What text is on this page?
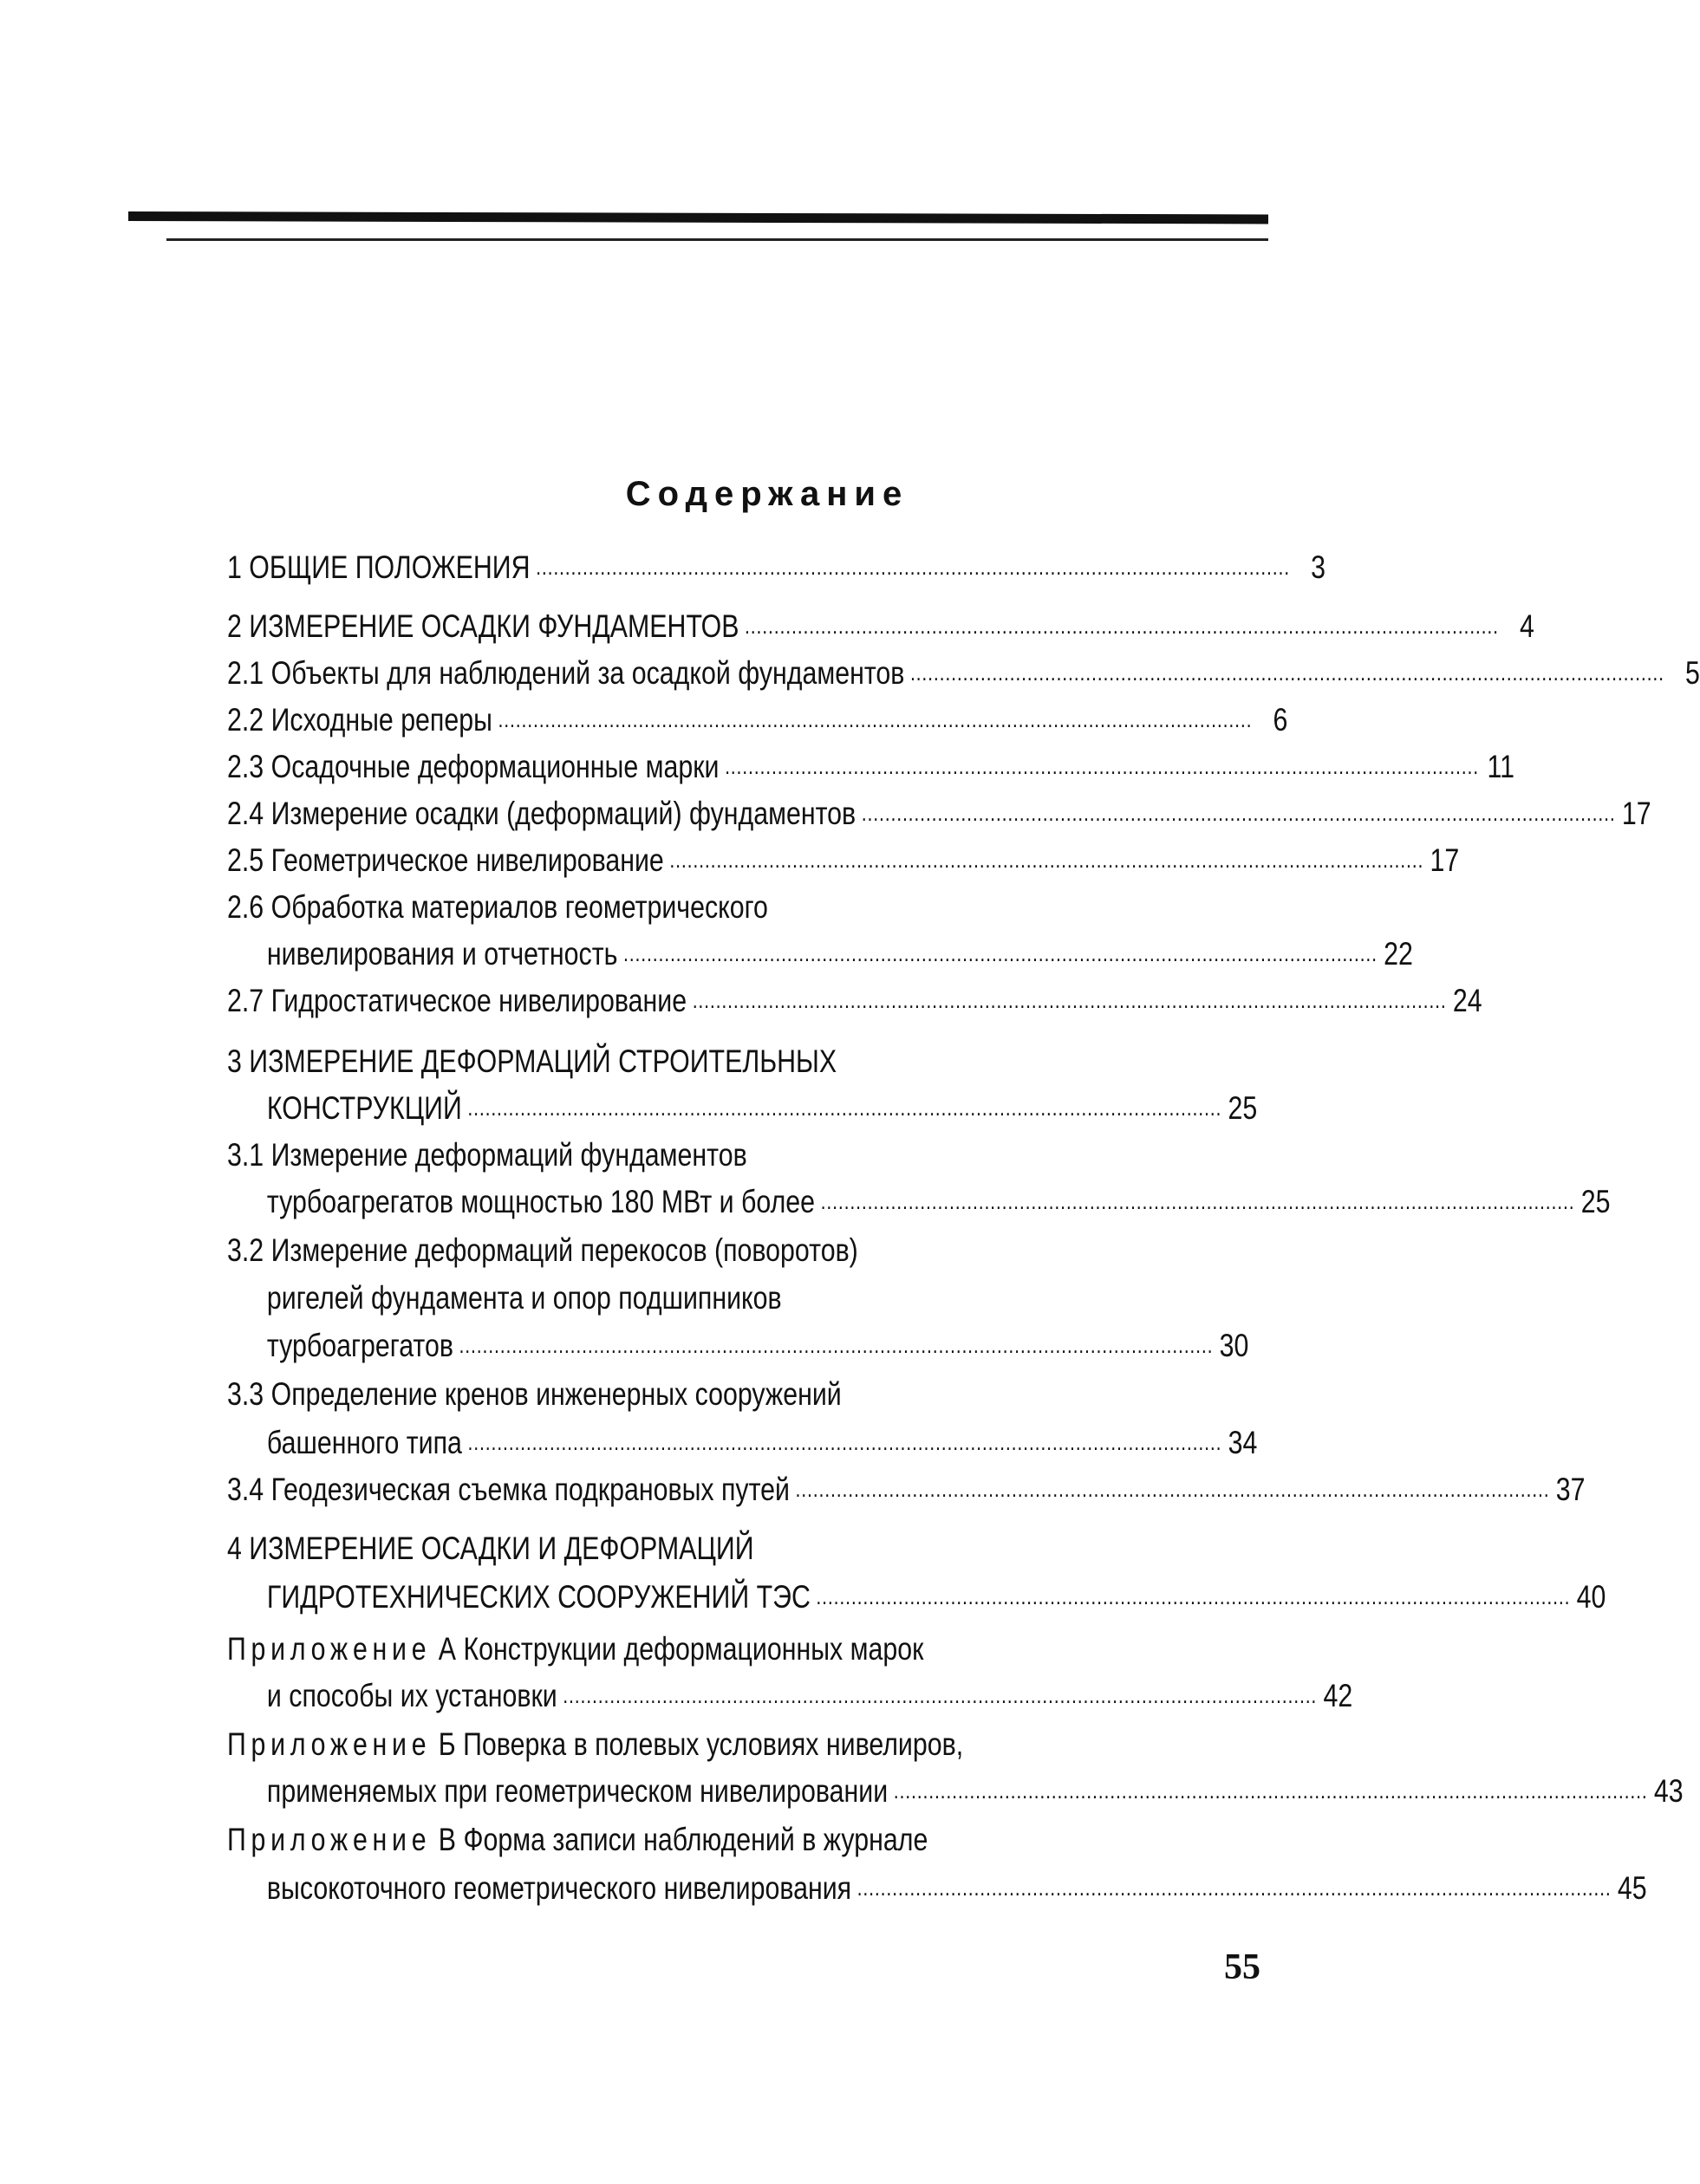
Содержание
1 ОБЩИЕ ПОЛОЖЕНИЯ ................................................................................................................................. 3
2 ИЗМЕРЕНИЕ ОСАДКИ ФУНДАМЕНТОВ ................................................................................................................................. 4
2.1 Объекты для наблюдений за осадкой фундаментов ................................................................................................................................. 5
2.2 Исходные реперы ................................................................................................................................. 6
2.3 Осадочные деформационные марки ................................................................................................................................. 11
2.4 Измерение осадки (деформаций) фундаментов ................................................................................................................................. 17
2.5 Геометрическое нивелирование ................................................................................................................................. 17
2.6 Обработка материалов геометрического
нивелирования и отчетность ................................................................................................................................. 22
2.7 Гидростатическое нивелирование ................................................................................................................................. 24
3 ИЗМЕРЕНИЕ ДЕФОРМАЦИЙ СТРОИТЕЛЬНЫХ
КОНСТРУКЦИЙ ................................................................................................................................. 25
3.1 Измерение деформаций фундаментов
турбоагрегатов мощностью 180 МВт и более ................................................................................................................................. 25
3.2 Измерение деформаций перекосов (поворотов)
ригелей фундамента и опор подшипников
турбоагрегатов ................................................................................................................................. 30
3.3 Определение кренов инженерных сооружений
башенного типа ................................................................................................................................. 34
3.4 Геодезическая съемка подкрановых путей ................................................................................................................................. 37
4 ИЗМЕРЕНИЕ ОСАДКИ И ДЕФОРМАЦИЙ
ГИДРОТЕХНИЧЕСКИХ СООРУЖЕНИЙ ТЭС ................................................................................................................................. 40
Приложение А Конструкции деформационных марок
и способы их установки ................................................................................................................................. 42
Приложение Б Поверка в полевых условиях нивелиров,
применяемых при геометрическом нивелировании ................................................................................................................................. 43
Приложение В Форма записи наблюдений в журнале
высокоточного геометрического нивелирования ................................................................................................................................. 45
55
